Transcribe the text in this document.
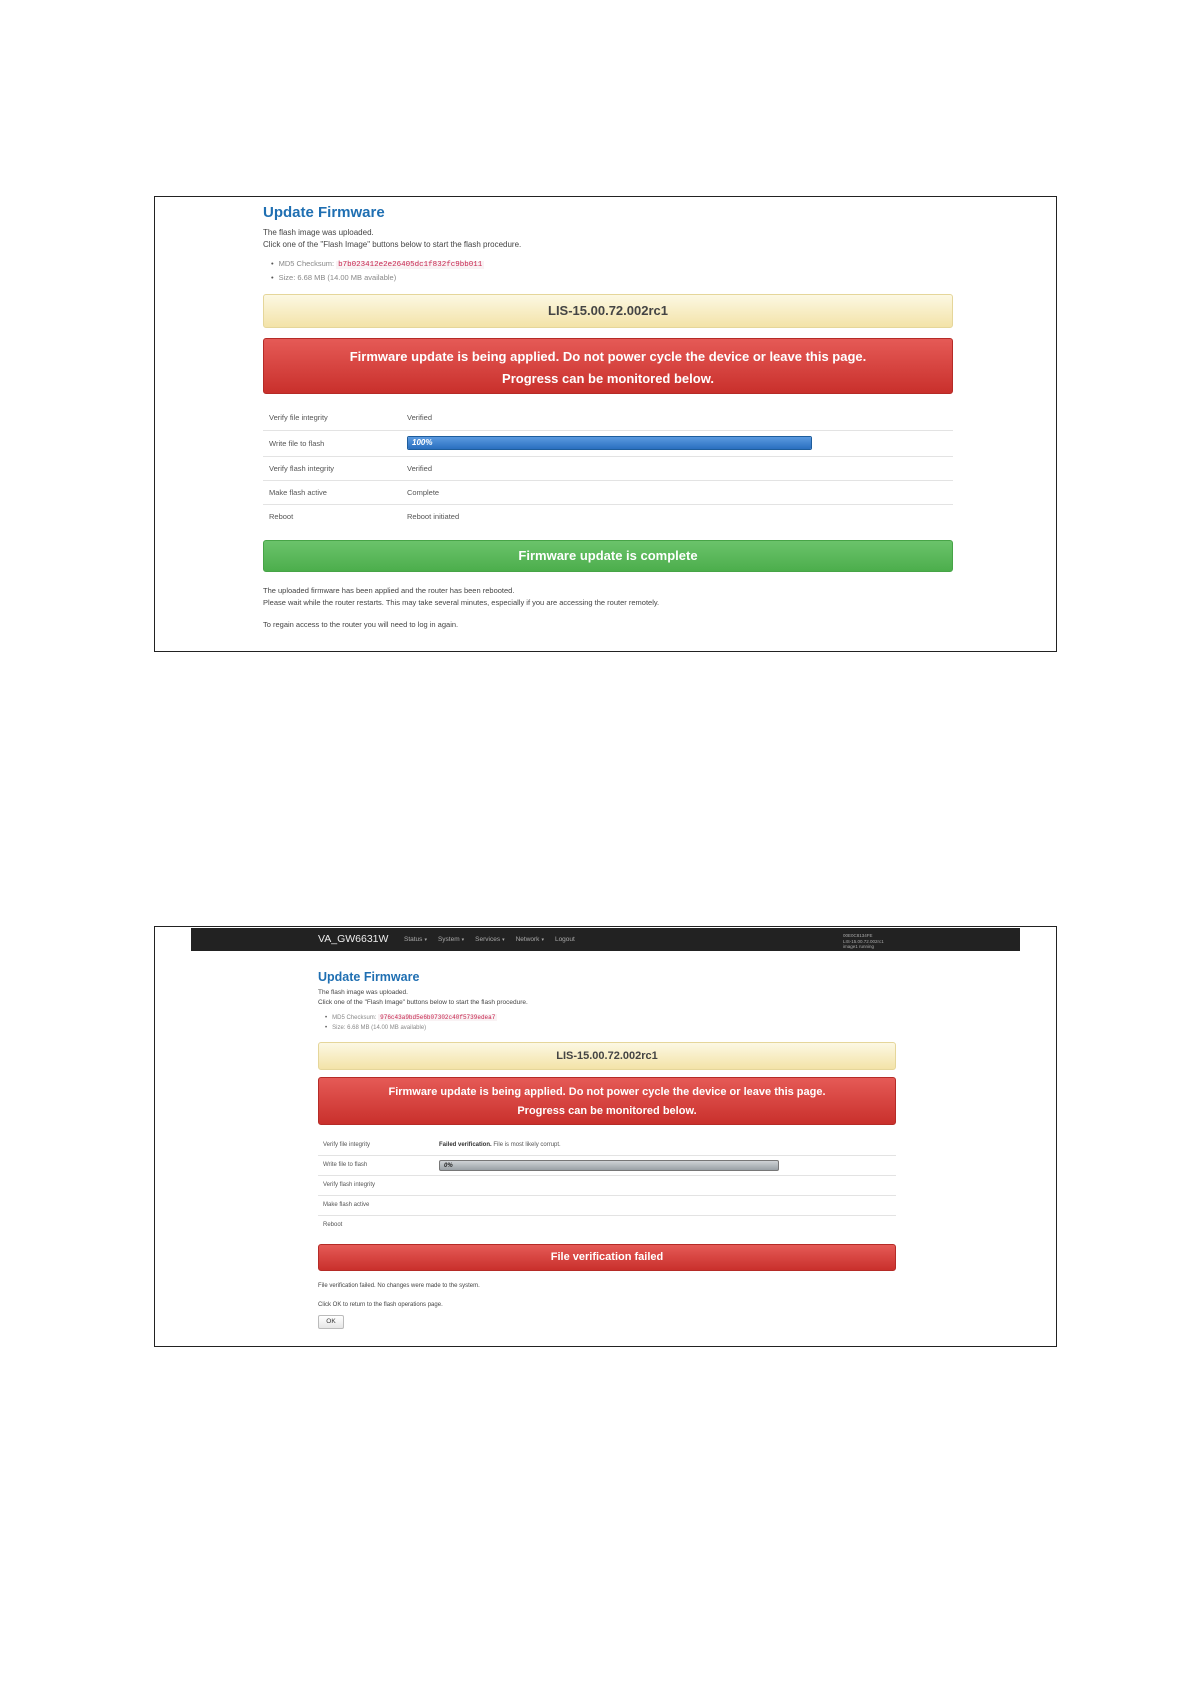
Update Firmware
The flash image was uploaded.
Click one of the "Flash Image" buttons below to start the flash procedure.
• MD5 Checksum: b7b023412e2e26405dc1f832fc9bb011
• Size: 6.68 MB (14.00 MB available)
LIS-15.00.72.002rc1
Firmware update is being applied. Do not power cycle the device or leave this page.
Progress can be monitored below.
Verify file integrity	Verified
Write file to flash	100%

Verify flash integrity	Verified
Make flash active	Complete
Reboot	Reboot initiated
Firmware update is complete
The uploaded firmware has been applied and the router has been rebooted.
Please wait while the router restarts. This may take several minutes, especially if you are accessing the router remotely.
To regain access to the router you will need to log in again.
VA_GW6631W Status ▾ System ▾ Services ▾ Network ▾ Logout
00E0C8134FE
LIS-15.00.72.002rc1
image1 running
Update Firmware
The flash image was uploaded.
Click one of the "Flash Image" buttons below to start the flash procedure.
• MD5 Checksum: 976c43a9bd5e6b07302c40f5739edea7
• Size: 6.68 MB (14.00 MB available)
LIS-15.00.72.002rc1
Firmware update is being applied. Do not power cycle the device or leave this page.
Progress can be monitored below.
Verify file integrity	Failed verification. File is most likely corrupt.
Write file to flash	0%

Verify flash integrity	
Make flash active	
Reboot	
File verification failed
File verification failed. No changes were made to the system.
Click OK to return to the flash operations page.
OK
